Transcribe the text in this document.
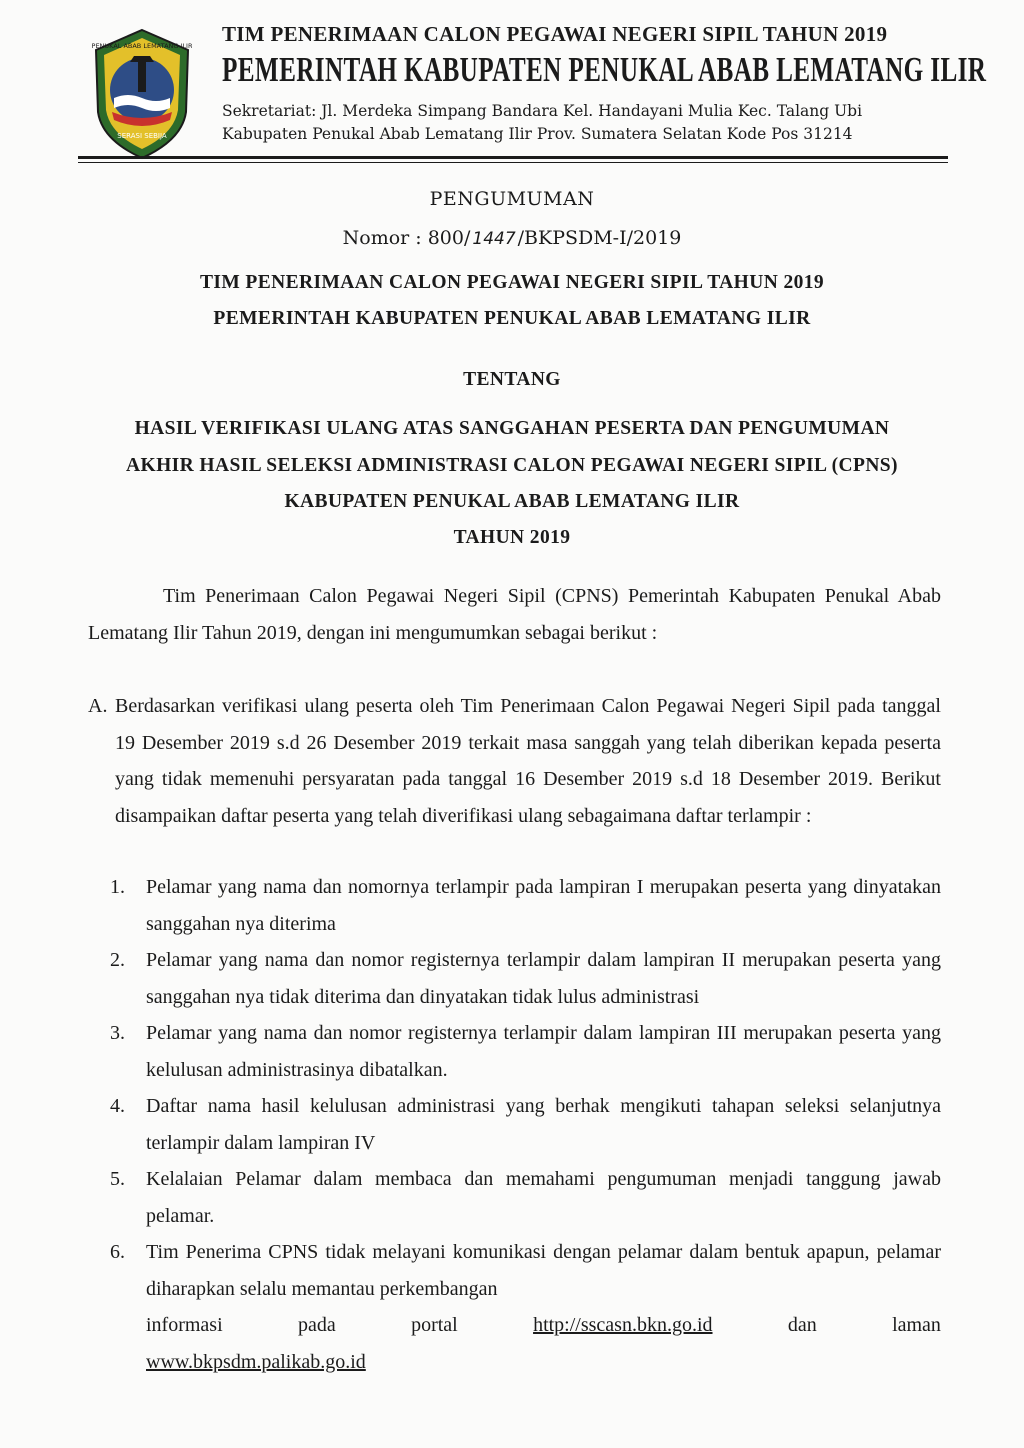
PENUKAL ABAB LEMATANG ILIR
SERASI SEBIJA
TIM PENERIMAAN CALON PEGAWAI NEGERI SIPIL TAHUN 2019
PEMERINTAH KABUPATEN PENUKAL ABAB LEMATANG ILIR
Sekretariat: Jl. Merdeka Simpang Bandara Kel. Handayani Mulia Kec. Talang Ubi
Kabupaten Penukal Abab Lematang Ilir Prov. Sumatera Selatan Kode Pos 31214
PENGUMUMAN
Nomor : 800/ 1447 /BKPSDM-I/2019
TIM PENERIMAAN CALON PEGAWAI NEGERI SIPIL TAHUN 2019
PEMERINTAH KABUPATEN PENUKAL ABAB LEMATANG ILIR
TENTANG
HASIL VERIFIKASI ULANG ATAS SANGGAHAN PESERTA DAN PENGUMUMAN
AKHIR HASIL SELEKSI ADMINISTRASI CALON PEGAWAI NEGERI SIPIL (CPNS)
KABUPATEN PENUKAL ABAB LEMATANG ILIR
TAHUN 2019
Tim Penerimaan Calon Pegawai Negeri Sipil (CPNS) Pemerintah Kabupaten Penukal Abab Lematang Ilir Tahun 2019, dengan ini mengumumkan sebagai berikut :
A. Berdasarkan verifikasi ulang peserta oleh Tim Penerimaan Calon Pegawai Negeri Sipil pada tanggal 19 Desember 2019 s.d 26 Desember 2019 terkait masa sanggah yang telah diberikan kepada peserta yang tidak memenuhi persyaratan pada tanggal 16 Desember 2019 s.d 18 Desember 2019. Berikut disampaikan daftar peserta yang telah diverifikasi ulang sebagaimana daftar terlampir :
1. Pelamar yang nama dan nomornya terlampir pada lampiran I merupakan peserta yang dinyatakan sanggahan nya diterima
2. Pelamar yang nama dan nomor registernya terlampir dalam lampiran II merupakan peserta yang sanggahan nya tidak diterima dan dinyatakan tidak lulus administrasi
3. Pelamar yang nama dan nomor registernya terlampir dalam lampiran III merupakan peserta yang kelulusan administrasinya dibatalkan.
4. Daftar nama hasil kelulusan administrasi yang berhak mengikuti tahapan seleksi selanjutnya terlampir dalam lampiran IV
5. Kelalaian Pelamar dalam membaca dan memahami pengumuman menjadi tanggung jawab pelamar.
6. Tim Penerima CPNS tidak melayani komunikasi dengan pelamar dalam bentuk apapun, pelamar diharapkan selalu memantau perkembangan
informasi	pada	portal	http://sscasn.bkn.go.id	dan	laman
www.bkpsdm.palikab.go.id
